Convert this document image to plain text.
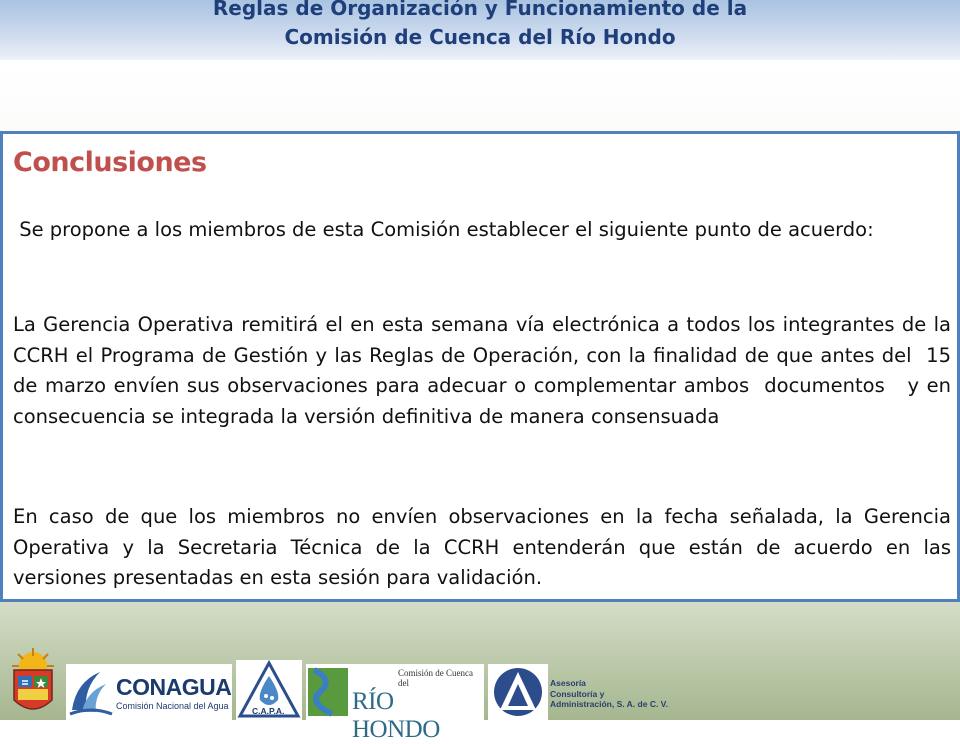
Reglas de Organización y Funcionamiento de la
Comisión de Cuenca del Río Hondo
Conclusiones
Se propone a los miembros de esta Comisión establecer el siguiente punto de acuerdo:
La Gerencia Operativa remitirá el en esta semana vía electrónica a todos los integrantes de la CCRH el Programa de Gestión y las Reglas de Operación, con la finalidad de que antes del  15 de marzo envíen sus observaciones para adecuar o complementar ambos  documentos   y en consecuencia se integrada la versión definitiva de manera consensuada
En caso de que los miembros no envíen observaciones en la fecha señalada, la Gerencia Operativa y la Secretaria Técnica de la CCRH entenderán que están de acuerdo en las versiones presentadas en esta sesión para validación.
CONAGUA
Comisión Nacional del Agua	C.A.P.A.
Comisión de Cuenca del
RÍO HONDO
Asesoría
Consultoría y
Administración, S. A. de C. V.
